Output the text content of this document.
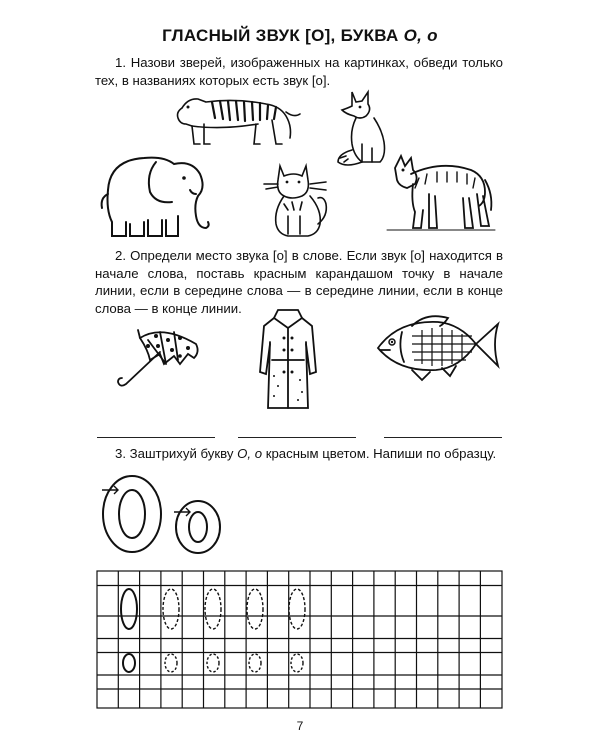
ГЛАСНЫЙ ЗВУК [О], БУКВА О, о
1. Назови зверей, изображенных на картинках, обведи только тех, в названиях которых есть звук [о].
2. Определи место звука [о] в слове. Если звук [о] находится в начале слова, поставь красным карандашом точку в начале линии, если в середине слова — в середине линии, если в конце слова — в конце линии.
3. Заштрихуй букву О, о красным цветом. Напиши по образцу.
7
